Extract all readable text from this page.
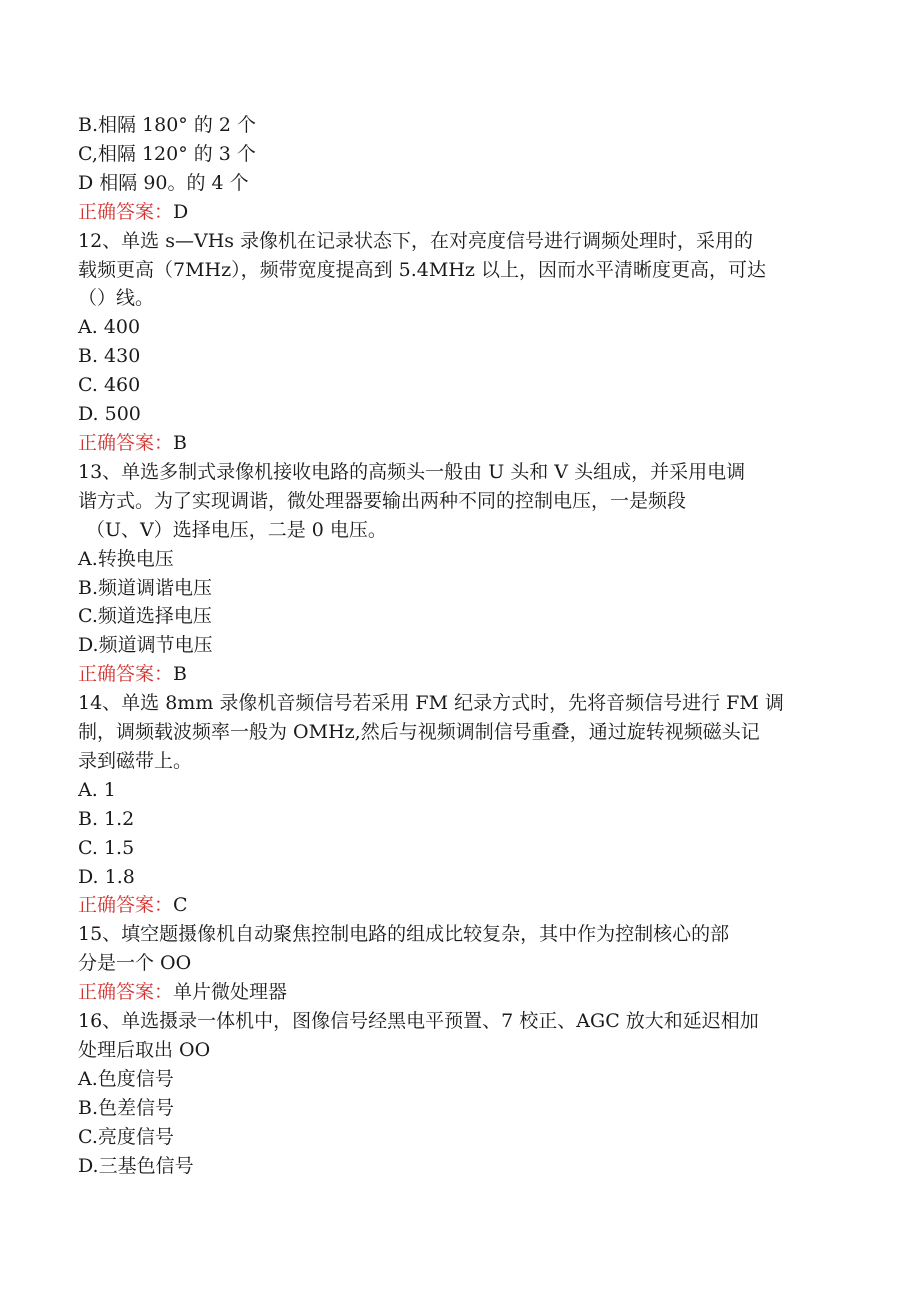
B.相隔 180° 的 2 个
C,相隔 120° 的 3 个
D 相隔 90。的 4 个
正确答案：D
12、单选 s—VHs 录像机在记录状态下，在对亮度信号进行调频处理时，采用的
载频更高（7MHz），频带宽度提高到 5.4MHz 以上，因而水平清晰度更高，可达
（）线。
A. 400
B. 430
C. 460
D. 500
正确答案：B
13、单选多制式录像机接收电路的高频头一般由 U 头和 V 头组成，并采用电调
谐方式。为了实现调谐，微处理器要输出两种不同的控制电压，一是频段
（U、V）选择电压，二是 0 电压。
A.转换电压
B.频道调谐电压
C.频道选择电压
D.频道调节电压
正确答案：B
14、单选 8mm 录像机音频信号若采用 FM 纪录方式时，先将音频信号进行 FM 调
制，调频载波频率一般为 OMHz,然后与视频调制信号重叠，通过旋转视频磁头记
录到磁带上。
A. 1
B. 1.2
C. 1.5
D. 1.8
正确答案：C
15、填空题摄像机自动聚焦控制电路的组成比较复杂，其中作为控制核心的部
分是一个 OO
正确答案：单片微处理器
16、单选摄录一体机中，图像信号经黑电平预置、7 校正、AGC 放大和延迟相加
处理后取出 OO
A.色度信号
B.色差信号
C.亮度信号
D.三基色信号
